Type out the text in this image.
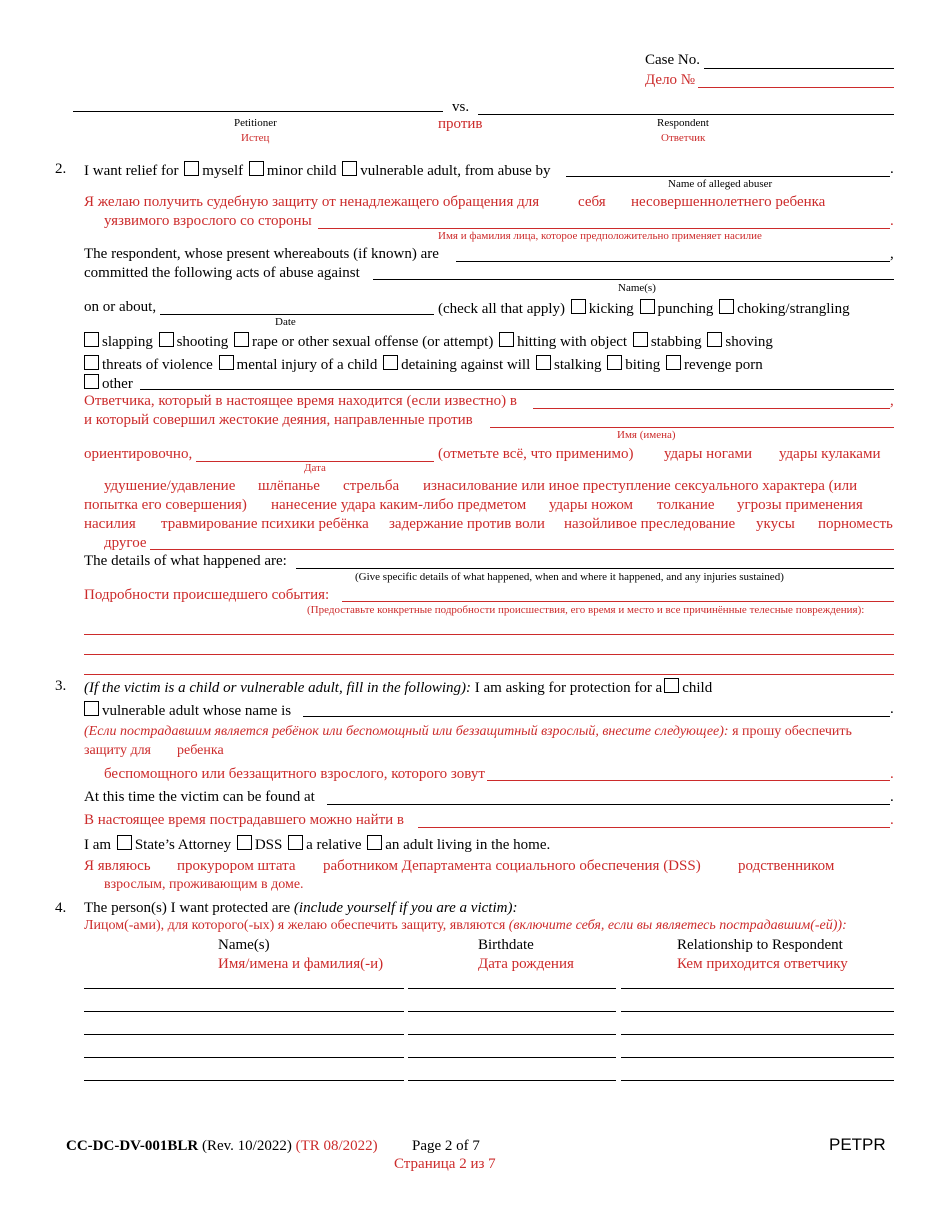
Case No.
Дело №
vs.
Petitioner	против	Respondent
Истец	Ответчик
2. I want relief for myself minor child vulnerable adult, from abuse by	.
Name of alleged abuser
Я желаю получить судебную защиту от ненадлежащего обращения для	себя несовершеннолетнего ребенка
уязвимого взрослого со стороны	.
Имя и фамилия лица, которое предположительно применяет насилие
The respondent, whose present whereabouts (if known) are	,
committed the following acts of abuse against
Name(s)
on or about,	(check all that apply) kicking punching choking/strangling
Date
slapping shooting rape or other sexual offense (or attempt) hitting with object stabbing shoving
threats of violence mental injury of a child detaining against will stalking biting revenge porn
other
Ответчика, который в настоящее время находится (если известно) в	,
и который совершил жестокие деяния, направленные против
Имя (имена)
ориентировочно,	(отметьте всё, что применимо) удары ногами удары кулаками
Дата
удушение/удавление шлёпанье стрельба изнасилование или иное преступление сексуального характера (или
попытка его совершения) нанесение удара каким-либо предметом удары ножом толкание угрозы применения
насилия травмирование психики ребёнка задержание против воли назойливое преследование укусы порноместь
другое
The details of what happened are:
(Give specific details of what happened, when and where it happened, and any injuries sustained)
Подробности происшедшего события:
(Предоставьте конкретные подробности происшествия, его время и место и все причинённые телесные повреждения):
3. (If the victim is a child or vulnerable adult, fill in the following): I am asking for protection for a child
vulnerable adult whose name is	.
(Если пострадавшим является ребёнок или беспомощный или беззащитный взрослый, внесите следующее): я прошу обеспечить
защиту для ребенка
беспомощного или беззащитного взрослого, которого зовут	.
At this time the victim can be found at	.
В настоящее время пострадавшего можно найти в	.
I am State’s Attorney DSS a relative an adult living in the home.
Я являюсь прокурором штата работником Департамента социального обеспечения (DSS) родственником
взрослым, проживающим в доме.
4. The person(s) I want protected are (include yourself if you are a victim):
Лицом(-ами), для которого(-ых) я желаю обеспечить защиту, являются (включите себя, если вы являетесь пострадавшим(-ей)):
Name(s)	Birthdate	Relationship to Respondent
Имя/имена и фамилия(-и)	Дата рождения	Кем приходится ответчику
CC-DC-DV-001BLR (Rev. 10/2022) (TR 08/2022) Page 2 of 7
Страница 2 из 7
PETPR
